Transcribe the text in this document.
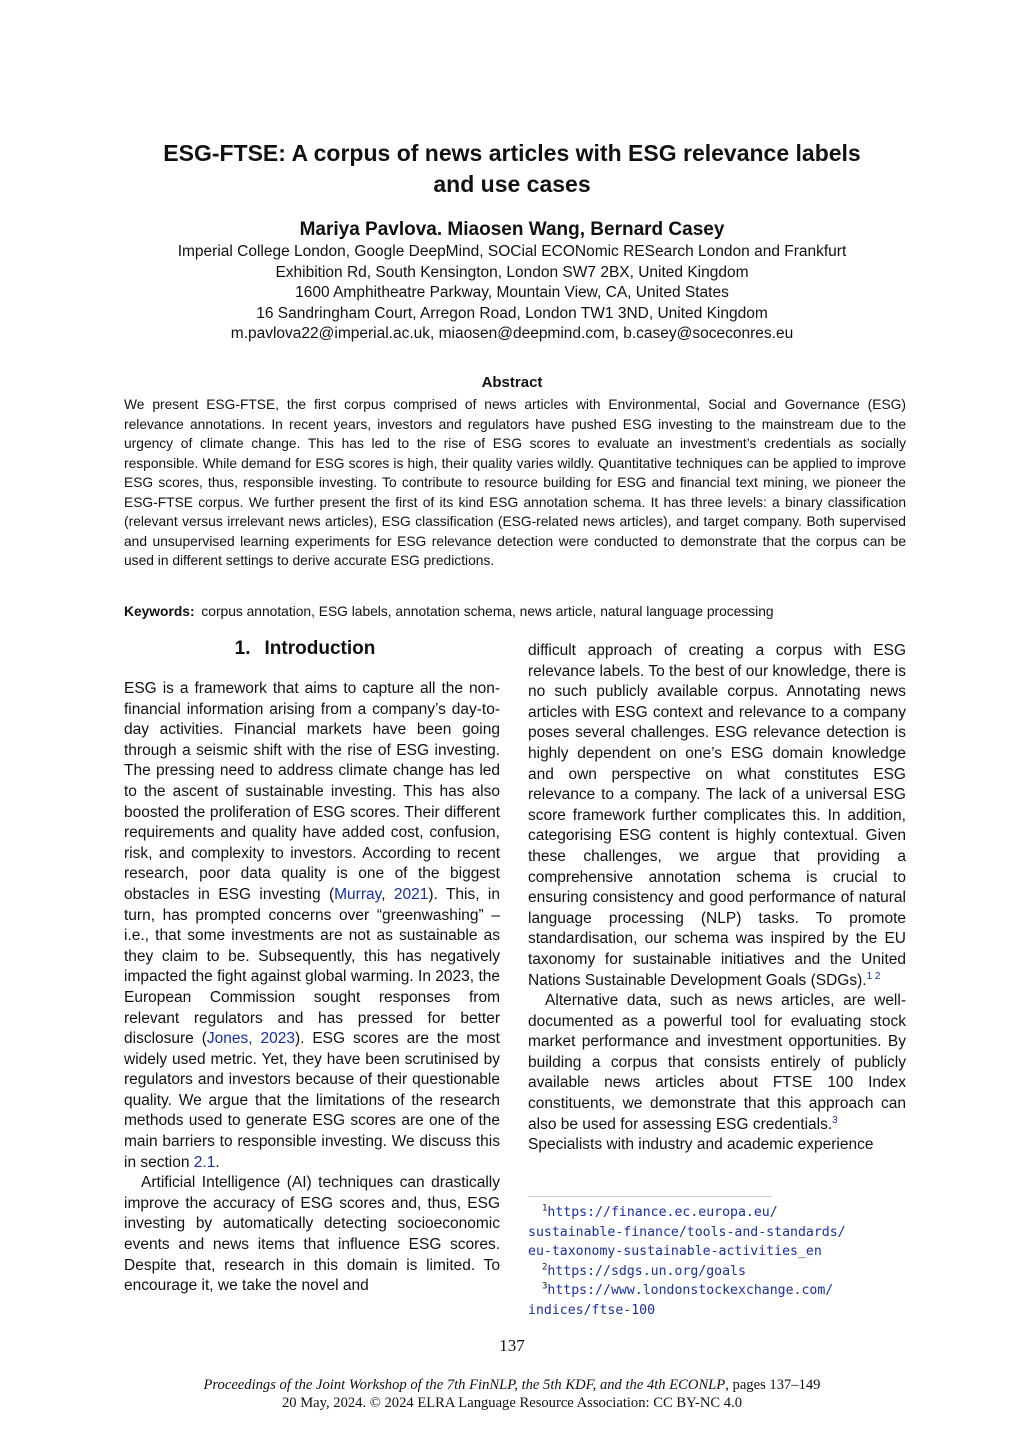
ESG-FTSE: A corpus of news articles with ESG relevance labels
and use cases
Mariya Pavlova. Miaosen Wang, Bernard Casey
Imperial College London, Google DeepMind, SOCial ECONomic RESearch London and Frankfurt
Exhibition Rd, South Kensington, London SW7 2BX, United Kingdom
1600 Amphitheatre Parkway, Mountain View, CA, United States
16 Sandringham Court, Arregon Road, London TW1 3ND, United Kingdom
m.pavlova22@imperial.ac.uk, miaosen@deepmind.com, b.casey@soceconres.eu
Abstract
We present ESG-FTSE, the first corpus comprised of news articles with Environmental, Social and Governance (ESG) relevance annotations. In recent years, investors and regulators have pushed ESG investing to the mainstream due to the urgency of climate change. This has led to the rise of ESG scores to evaluate an investment’s credentials as socially responsible. While demand for ESG scores is high, their quality varies wildly. Quantitative techniques can be applied to improve ESG scores, thus, responsible investing. To contribute to resource building for ESG and financial text mining, we pioneer the ESG-FTSE corpus. We further present the first of its kind ESG annotation schema. It has three levels: a binary classification (relevant versus irrelevant news articles), ESG classification (ESG-related news articles), and target company. Both supervised and unsupervised learning experiments for ESG relevance detection were conducted to demonstrate that the corpus can be used in different settings to derive accurate ESG predictions.
Keywords: corpus annotation, ESG labels, annotation schema, news article, natural language processing
1. Introduction

ESG is a framework that aims to capture all the non-financial information arising from a company’s day-to-day activities. Financial markets have been going through a seismic shift with the rise of ESG investing. The pressing need to address climate change has led to the ascent of sustainable investing. This has also boosted the proliferation of ESG scores. Their different requirements and quality have added cost, confusion, risk, and complexity to investors. According to recent research, poor data quality is one of the biggest obstacles in ESG investing (Murray, 2021). This, in turn, has prompted concerns over “greenwashing” – i.e., that some investments are not as sustainable as they claim to be. Subsequently, this has negatively impacted the fight against global warming. In 2023, the European Commission sought responses from relevant regulators and has pressed for better disclosure (Jones, 2023). ESG scores are the most widely used metric. Yet, they have been scrutinised by regulators and investors because of their questionable quality. We argue that the limitations of the research methods used to generate ESG scores are one of the main barriers to responsible investing. We discuss this in section 2.1.

Artificial Intelligence (AI) techniques can drastically improve the accuracy of ESG scores and, thus, ESG investing by automatically detecting socioeconomic events and news items that influence ESG scores. Despite that, research in this domain is limited. To encourage it, we take the novel and

difficult approach of creating a corpus with ESG relevance labels. To the best of our knowledge, there is no such publicly available corpus. Annotating news articles with ESG context and relevance to a company poses several challenges. ESG relevance detection is highly dependent on one’s ESG domain knowledge and own perspective on what constitutes ESG relevance to a company. The lack of a universal ESG score framework further complicates this. In addition, categorising ESG content is highly contextual. Given these challenges, we argue that providing a comprehensive annotation schema is crucial to ensuring consistency and good performance of natural language processing (NLP) tasks. To promote standardisation, our schema was inspired by the EU taxonomy for sustainable initiatives and the United Nations Sustainable Development Goals (SDGs).$^{1 2}$

Alternative data, such as news articles, are well-documented as a powerful tool for evaluating stock market performance and investment opportunities. By building a corpus that consists entirely of publicly available news articles about FTSE 100 Index constituents, we demonstrate that this approach can also be used for assessing ESG credentials.$^3$

Specialists with industry and academic experience

$^1$https://finance.ec.europa.eu/
sustainable-finance/tools-and-standards/
eu-taxonomy-sustainable-activities_en
$^2$https://sdgs.un.org/goals
$^3$https://www.londonstockexchange.com/
indices/ftse-100
137
Proceedings of the Joint Workshop of the 7th FinNLP, the 5th KDF, and the 4th ECONLP, pages 137–149
20 May, 2024. © 2024 ELRA Language Resource Association: CC BY-NC 4.0
